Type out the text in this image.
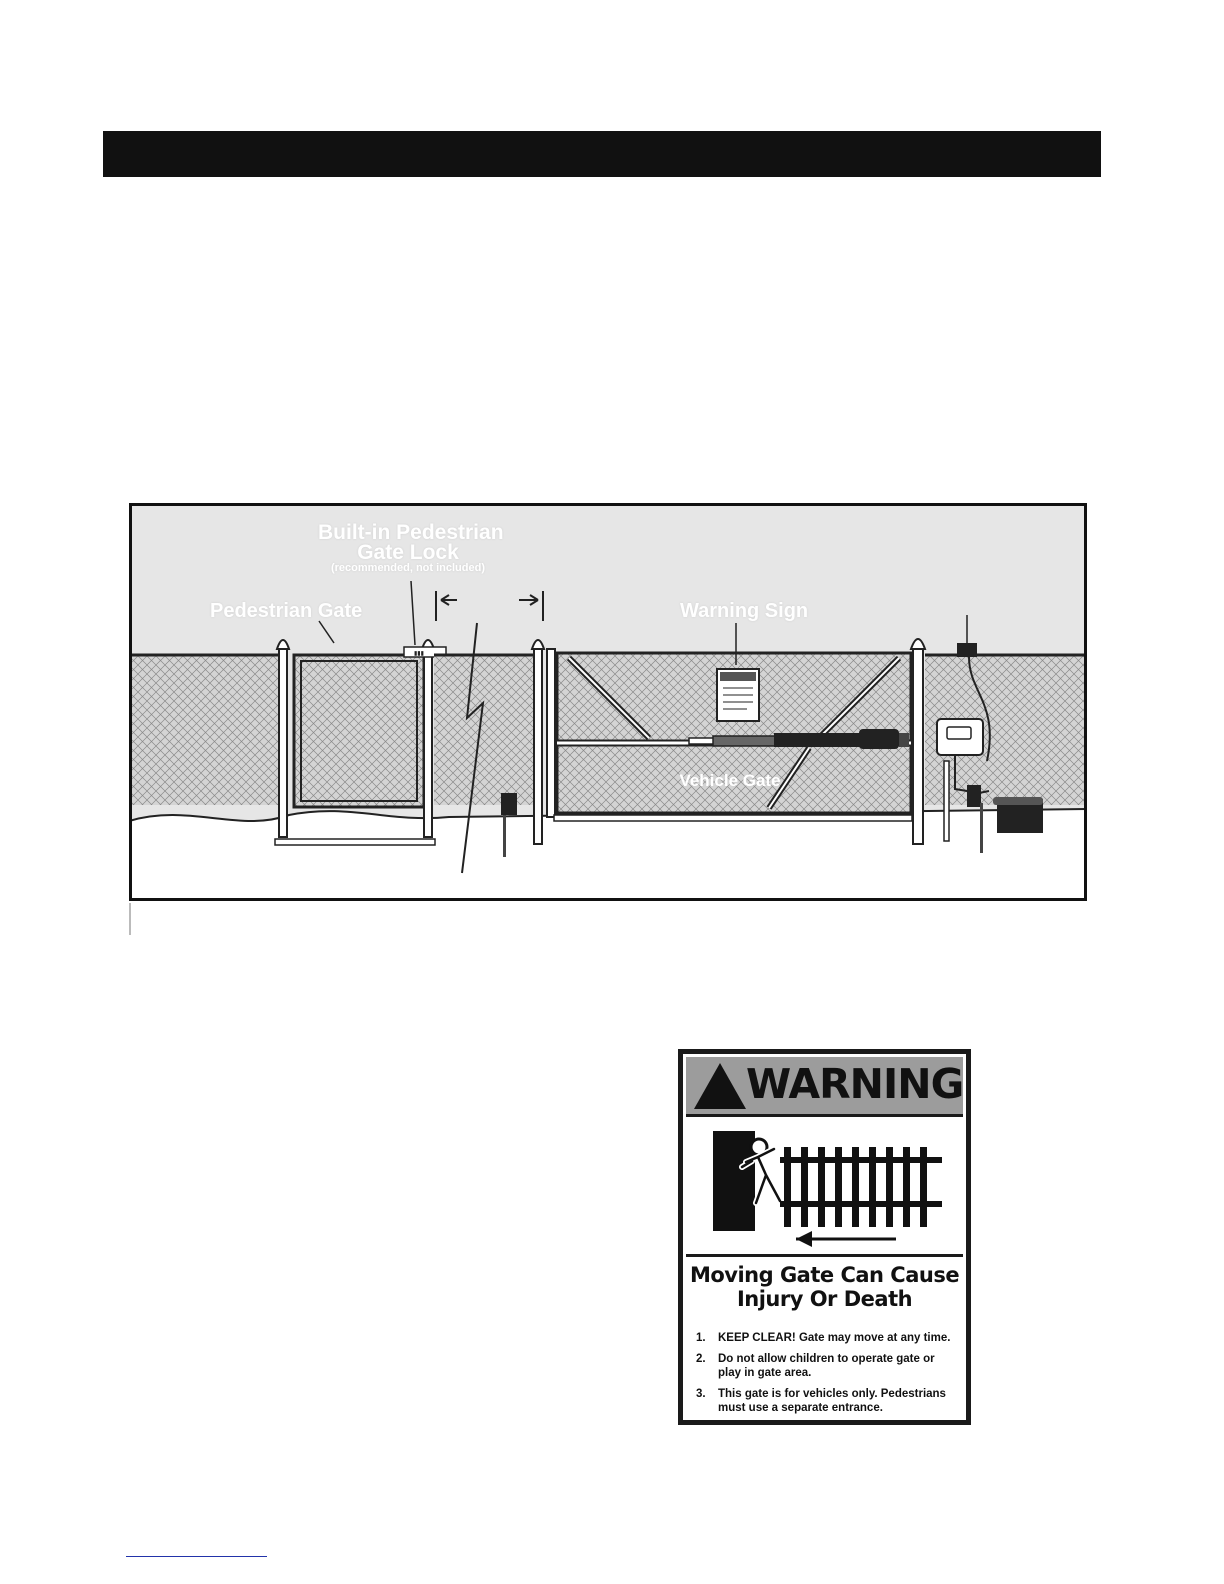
▮▮▮
Built-in Pedestrian
Gate Lock
(recommended, not included)
Pedestrian Gate	Warning Sign
Vehicle Gate
WARNING
Moving Gate Can Cause
Injury Or Death
1.	KEEP CLEAR! Gate may move at any time.
2.	Do not allow children to operate gate or play in gate area.
3.	This gate is for vehicles only. Pedestrians must use a separate entrance.
